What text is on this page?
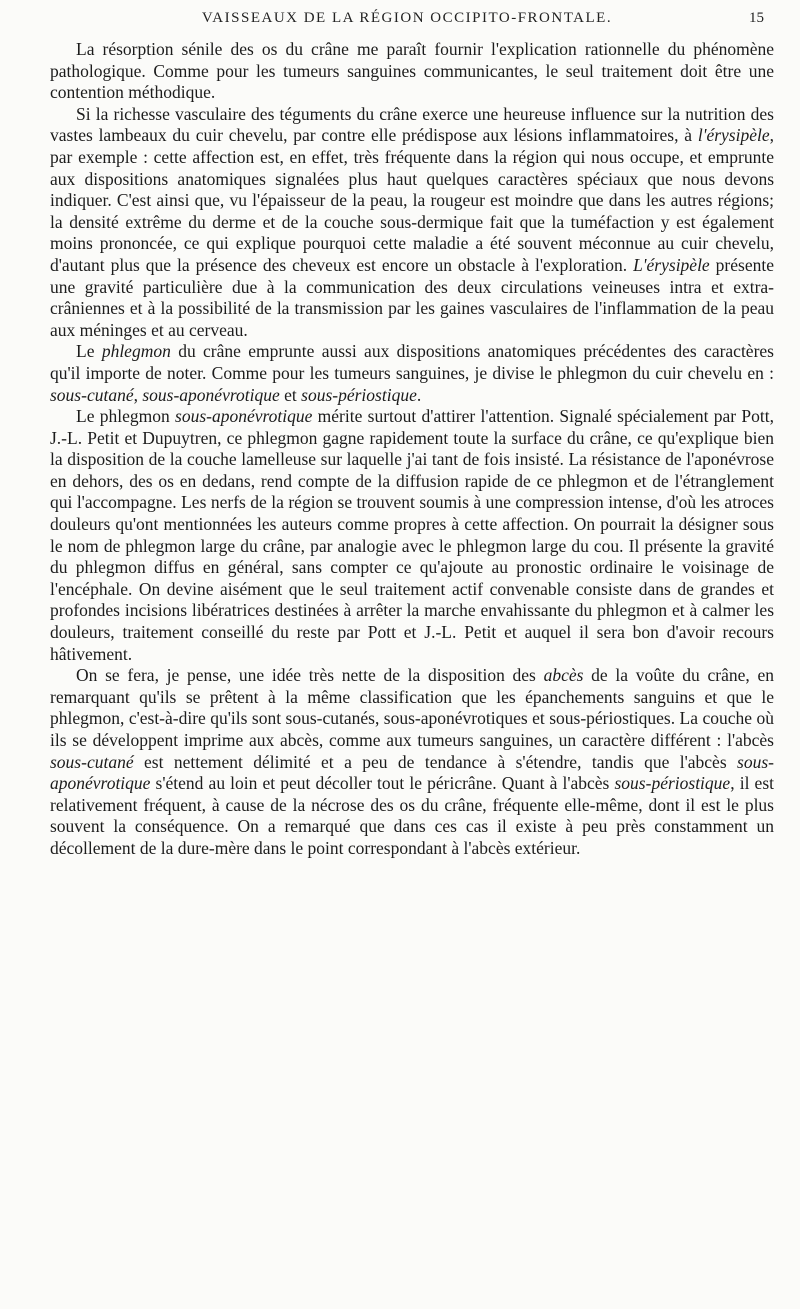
VAISSEAUX DE LA RÉGION OCCIPITO-FRONTALE.	15

La résorption sénile des os du crâne me paraît fournir l'explication rationnelle du phénomène pathologique. Comme pour les tumeurs sanguines communicantes, le seul traitement doit être une contention méthodique.

Si la richesse vasculaire des téguments du crâne exerce une heureuse influence sur la nutrition des vastes lambeaux du cuir chevelu, par contre elle prédispose aux lésions inflammatoires, à l'érysipèle, par exemple : cette affection est, en effet, très fréquente dans la région qui nous occupe, et emprunte aux dispositions anatomiques signalées plus haut quelques caractères spéciaux que nous devons indiquer. C'est ainsi que, vu l'épaisseur de la peau, la rougeur est moindre que dans les autres régions; la densité extrême du derme et de la couche sous-dermique fait que la tuméfaction y est également moins prononcée, ce qui explique pourquoi cette maladie a été souvent méconnue au cuir chevelu, d'autant plus que la présence des cheveux est encore un obstacle à l'exploration. L'érysipèle présente une gravité particulière due à la communication des deux circulations veineuses intra et extra-crâniennes et à la possibilité de la transmission par les gaines vasculaires de l'inflammation de la peau aux méninges et au cerveau.

Le phlegmon du crâne emprunte aussi aux dispositions anatomiques précédentes des caractères qu'il importe de noter. Comme pour les tumeurs sanguines, je divise le phlegmon du cuir chevelu en : sous-cutané, sous-aponévrotique et sous-périostique.

Le phlegmon sous-aponévrotique mérite surtout d'attirer l'attention. Signalé spécialement par Pott, J.-L. Petit et Dupuytren, ce phlegmon gagne rapidement toute la surface du crâne, ce qu'explique bien la disposition de la couche lamelleuse sur laquelle j'ai tant de fois insisté. La résistance de l'aponévrose en dehors, des os en dedans, rend compte de la diffusion rapide de ce phlegmon et de l'étranglement qui l'accompagne. Les nerfs de la région se trouvent soumis à une compression intense, d'où les atroces douleurs qu'ont mentionnées les auteurs comme propres à cette affection. On pourrait la désigner sous le nom de phlegmon large du crâne, par analogie avec le phlegmon large du cou. Il présente la gravité du phlegmon diffus en général, sans compter ce qu'ajoute au pronostic ordinaire le voisinage de l'encéphale. On devine aisément que le seul traitement actif convenable consiste dans de grandes et profondes incisions libératrices destinées à arrêter la marche envahissante du phlegmon et à calmer les douleurs, traitement conseillé du reste par Pott et J.-L. Petit et auquel il sera bon d'avoir recours hâtivement.

On se fera, je pense, une idée très nette de la disposition des abcès de la voûte du crâne, en remarquant qu'ils se prêtent à la même classification que les épanchements sanguins et que le phlegmon, c'est-à-dire qu'ils sont sous-cutanés, sous-aponévrotiques et sous-périostiques. La couche où ils se développent imprime aux abcès, comme aux tumeurs sanguines, un caractère différent : l'abcès sous-cutané est nettement délimité et a peu de tendance à s'étendre, tandis que l'abcès sous-aponévrotique s'étend au loin et peut décoller tout le péricrâne. Quant à l'abcès sous-périostique, il est relativement fréquent, à cause de la nécrose des os du crâne, fréquente elle-même, dont il est le plus souvent la conséquence. On a remarqué que dans ces cas il existe à peu près constamment un décollement de la dure-mère dans le point correspondant à l'abcès extérieur.
